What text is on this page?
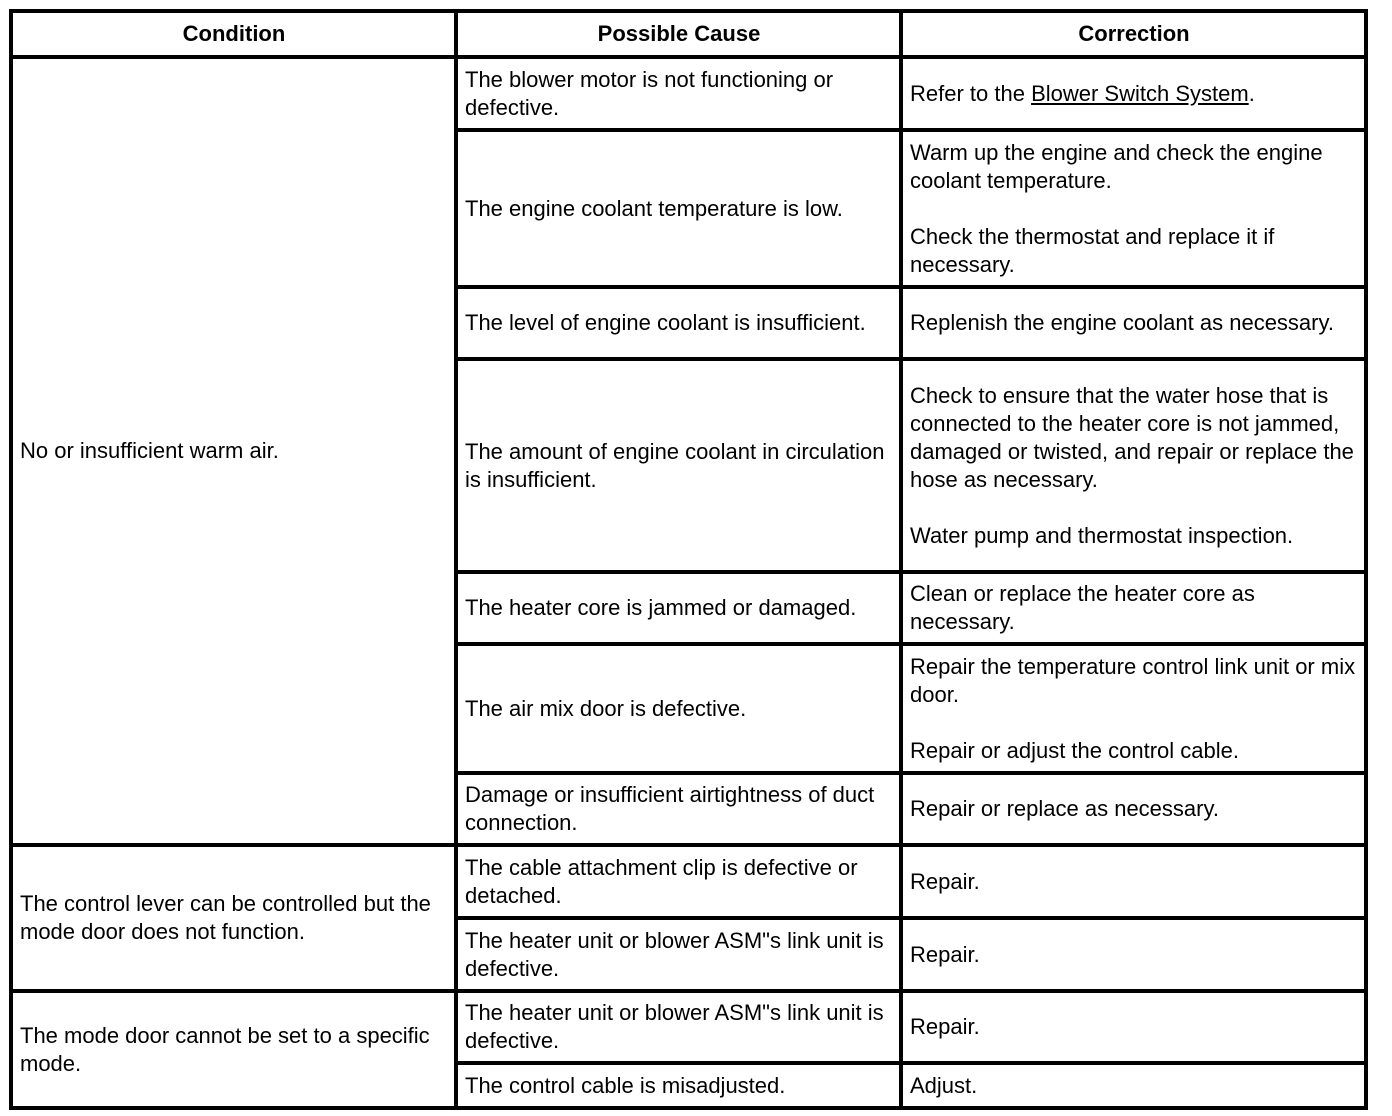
Condition	Possible Cause	Correction
No or insufficient warm air.	The blower motor is not functioning or defective.	Refer to the Blower Switch System.
	The engine coolant temperature is low.	Warm up the engine and check the engine coolant temperature.
Check the thermostat and replace it if necessary.

	The level of engine coolant is insufficient.	Replenish the engine coolant as necessary.

	The amount of engine coolant in circulation is insufficient.	Check to ensure that the water hose that is connected to the heater core is not jammed, damaged or twisted, and repair or replace the hose as necessary.
Water pump and thermostat inspection.

	The heater core is jammed or damaged.	Clean or replace the heater core as necessary.

	The air mix door is defective.	Repair the temperature control link unit or mix door.
Repair or adjust the control cable.

	Damage or insufficient airtightness of duct connection.	Repair or replace as necessary.

The control lever can be controlled but the mode door does not function.	The cable attachment clip is defective or detached.	Repair.

	The heater unit or blower ASM"s link unit is defective.	Repair.

The mode door cannot be set to a specific mode.	The heater unit or blower ASM"s link unit is defective.	Repair.

	The control cable is misadjusted.	Adjust.
